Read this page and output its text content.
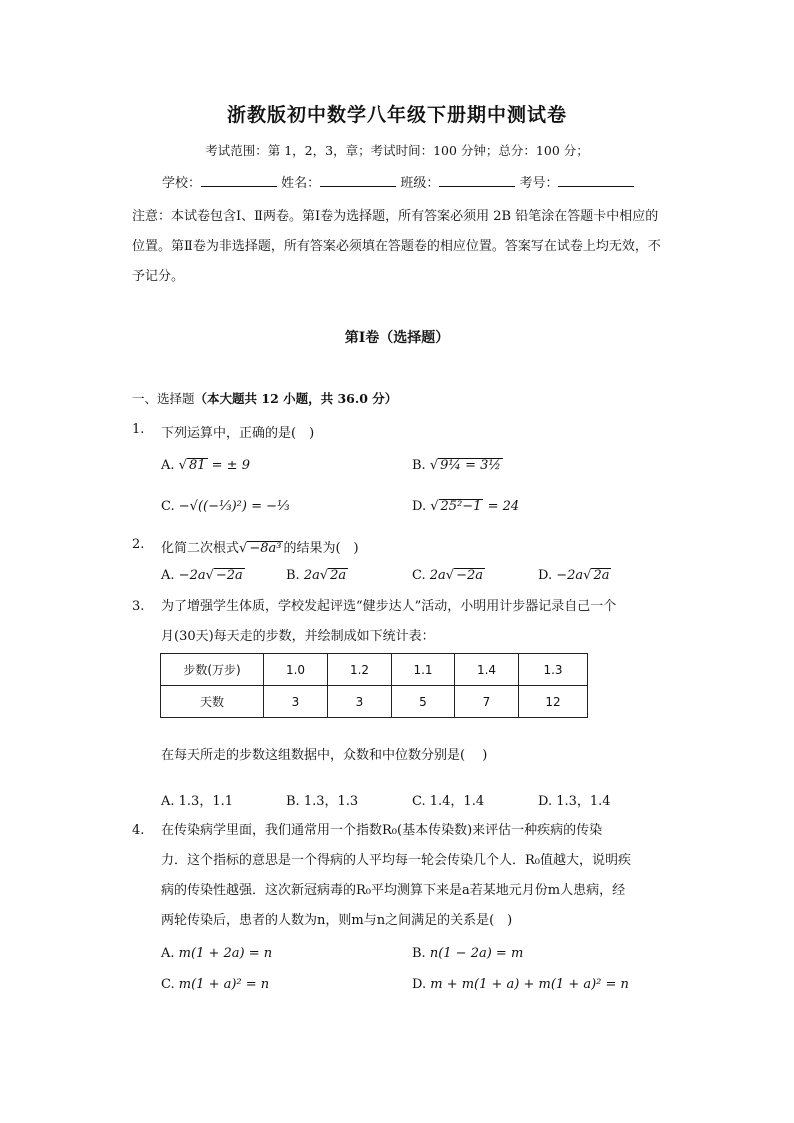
浙教版初中数学八年级下册期中测试卷
考试范围：第 1，2，3，章；考试时间：100 分钟；总分：100 分；
学校：	姓名：	班级：	考号：
注意：本试卷包含Ⅰ、Ⅱ两卷。第Ⅰ卷为选择题，所有答案必须用 2B 铅笔涂在答题卡中相应的位置。第Ⅱ卷为非选择题，所有答案必须填在答题卷的相应位置。答案写在试卷上均无效，不予记分。
第Ⅰ卷（选择题）
一、选择题（本大题共 12 小题，共 36.0 分）
1. 下列运算中，正确的是(　)
A. √ 81 = ± 9	B. √ 9¼ = 3½
C. −√((−⅓)²) = −⅓	D. √ 25²−1 = 24
2. 化简二次根式√ −8a³ 的结果为(　)
A. −2a√ −2a	B. 2a√ 2a	C. 2a√ −2a	D. −2a√ 2a
3. 为了增强学生体质，学校发起评选“健步达人”活动，小明用计步器记录自己一个
月(30天)每天走的步数，并绘制成如下统计表：
步数(万步)	1.0	1.2	1.1	1.4	1.3
天数	3	3	5	7	12
在每天所走的步数这组数据中，众数和中位数分别是(　 )
A. 1.3，1.1	B. 1.3，1.3	C. 1.4，1.4	D. 1.3，1.4
4. 在传染病学里面，我们通常用一个指数R₀(基本传染数)来评估一种疾病的传染
力．这个指标的意思是一个得病的人平均每一轮会传染几个人．R₀值越大，说明疾
病的传染性越强．这次新冠病毒的R₀平均测算下来是a若某地元月份m人患病，经
两轮传染后，患者的人数为n，则m与n之间满足的关系是(　)
A. m(1 + 2a) = n	B. n(1 − 2a) = m
C. m(1 + a)² = n	D. m + m(1 + a) + m(1 + a)² = n
